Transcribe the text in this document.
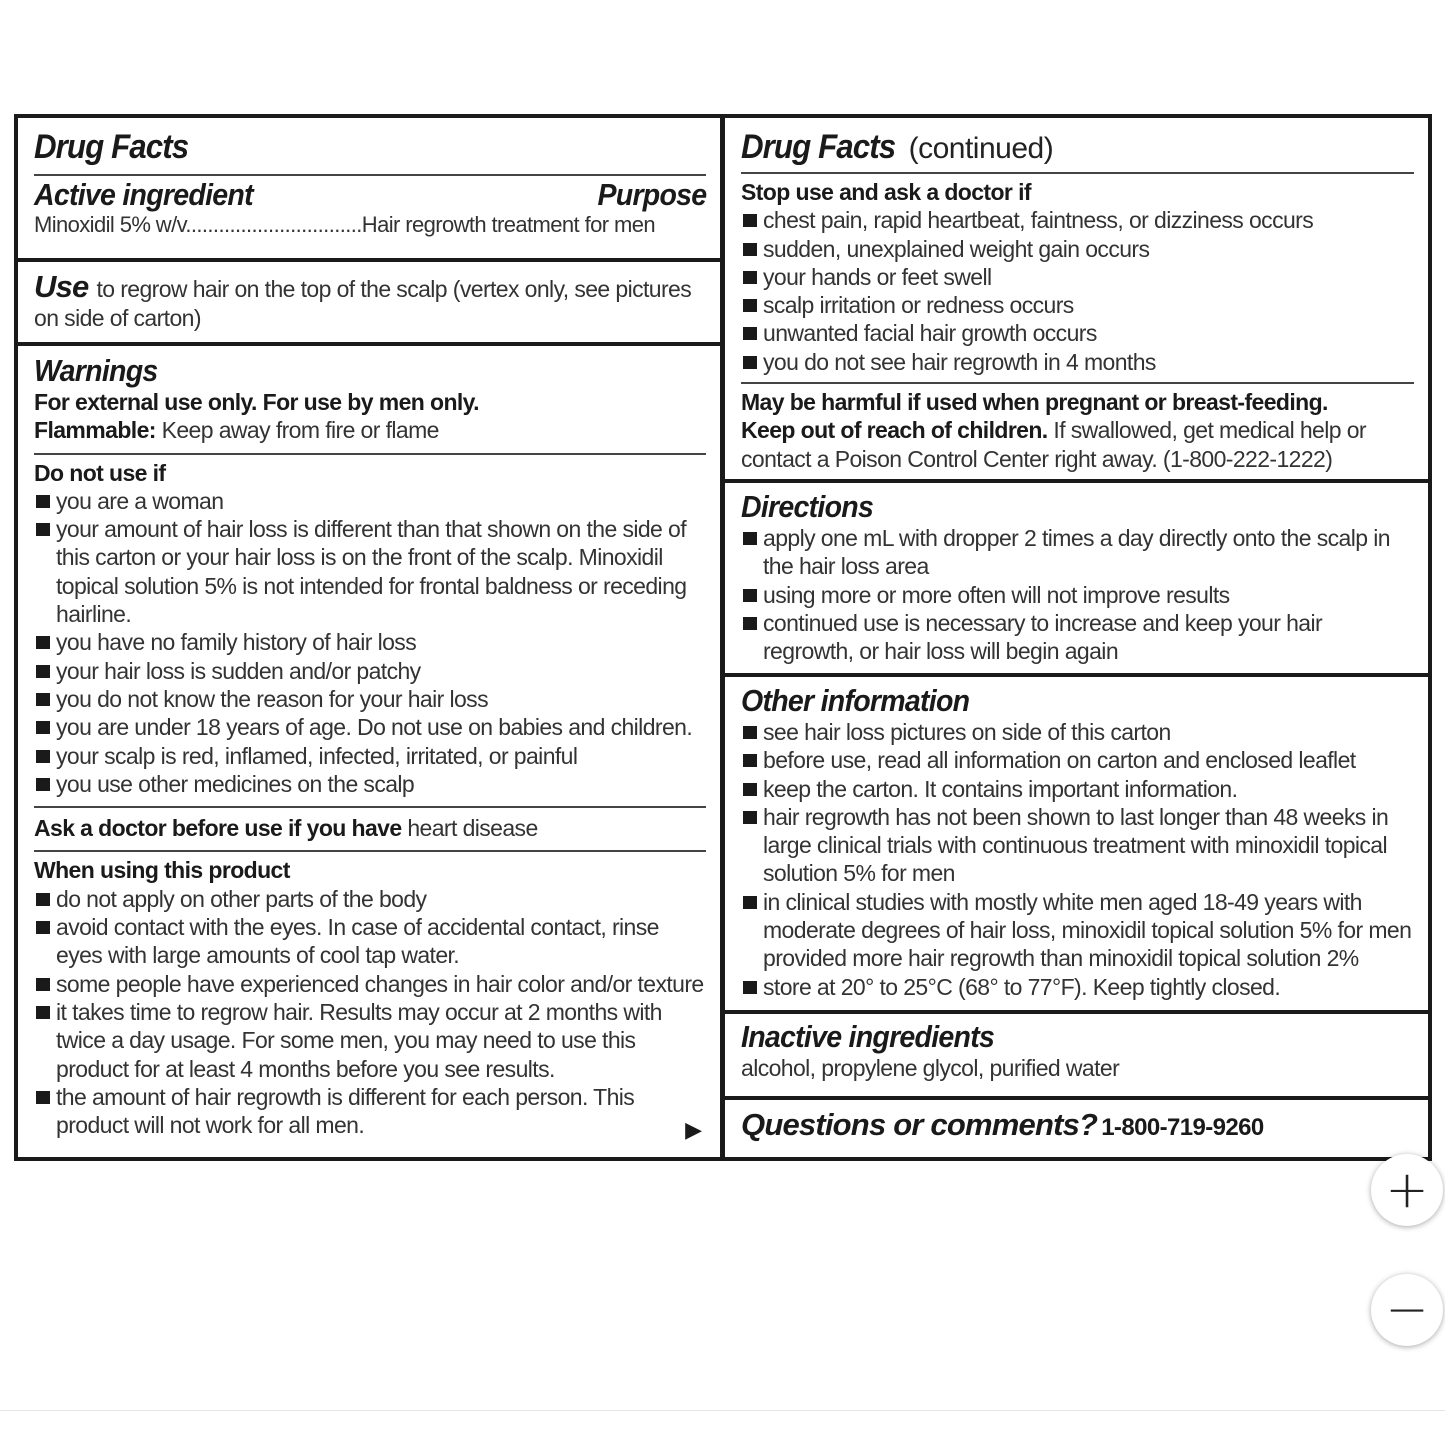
Drug Facts
Active ingredient	Purpose
Minoxidil 5% w/v................................Hair regrowth treatment for men
Use to regrow hair on the top of the scalp (vertex only, see pictures on side of carton)
Warnings
For external use only. For use by men only.
Flammable: Keep away from fire or flame
Do not use if
you are a woman
your amount of hair loss is different than that shown on the side of this carton or your hair loss is on the front of the scalp. Minoxidil topical solution 5% is not intended for frontal baldness or receding hairline.
you have no family history of hair loss
your hair loss is sudden and/or patchy
you do not know the reason for your hair loss
you are under 18 years of age. Do not use on babies and children.
your scalp is red, inflamed, infected, irritated, or painful
you use other medicines on the scalp
Ask a doctor before use if you have heart disease
When using this product
do not apply on other parts of the body
avoid contact with the eyes. In case of accidental contact, rinse eyes with large amounts of cool tap water.
some people have experienced changes in hair color and/or texture
it takes time to regrow hair. Results may occur at 2 months with twice a day usage. For some men, you may need to use this product for at least 4 months before you see results.
the amount of hair regrowth is different for each person. This product will not work for all men.	▶
Drug Facts (continued)
Stop use and ask a doctor if
chest pain, rapid heartbeat, faintness, or dizziness occurs
sudden, unexplained weight gain occurs
your hands or feet swell
scalp irritation or redness occurs
unwanted facial hair growth occurs
you do not see hair regrowth in 4 months
May be harmful if used when pregnant or breast-feeding.
Keep out of reach of children. If swallowed, get medical help or contact a Poison Control Center right away. (1-800-222-1222)
Directions
apply one mL with dropper 2 times a day directly onto the scalp in the hair loss area
using more or more often will not improve results
continued use is necessary to increase and keep your hair regrowth, or hair loss will begin again
Other information
see hair loss pictures on side of this carton
before use, read all information on carton and enclosed leaflet
keep the carton. It contains important information.
hair regrowth has not been shown to last longer than 48 weeks in large clinical trials with continuous treatment with minoxidil topical solution 5% for men
in clinical studies with mostly white men aged 18-49 years with moderate degrees of hair loss, minoxidil topical solution 5% for men provided more hair regrowth than minoxidil topical solution 2%
store at 20° to 25°C (68° to 77°F). Keep tightly closed.
Inactive ingredients
alcohol, propylene glycol, purified water
Questions or comments? 1-800-719-9260
+
−
